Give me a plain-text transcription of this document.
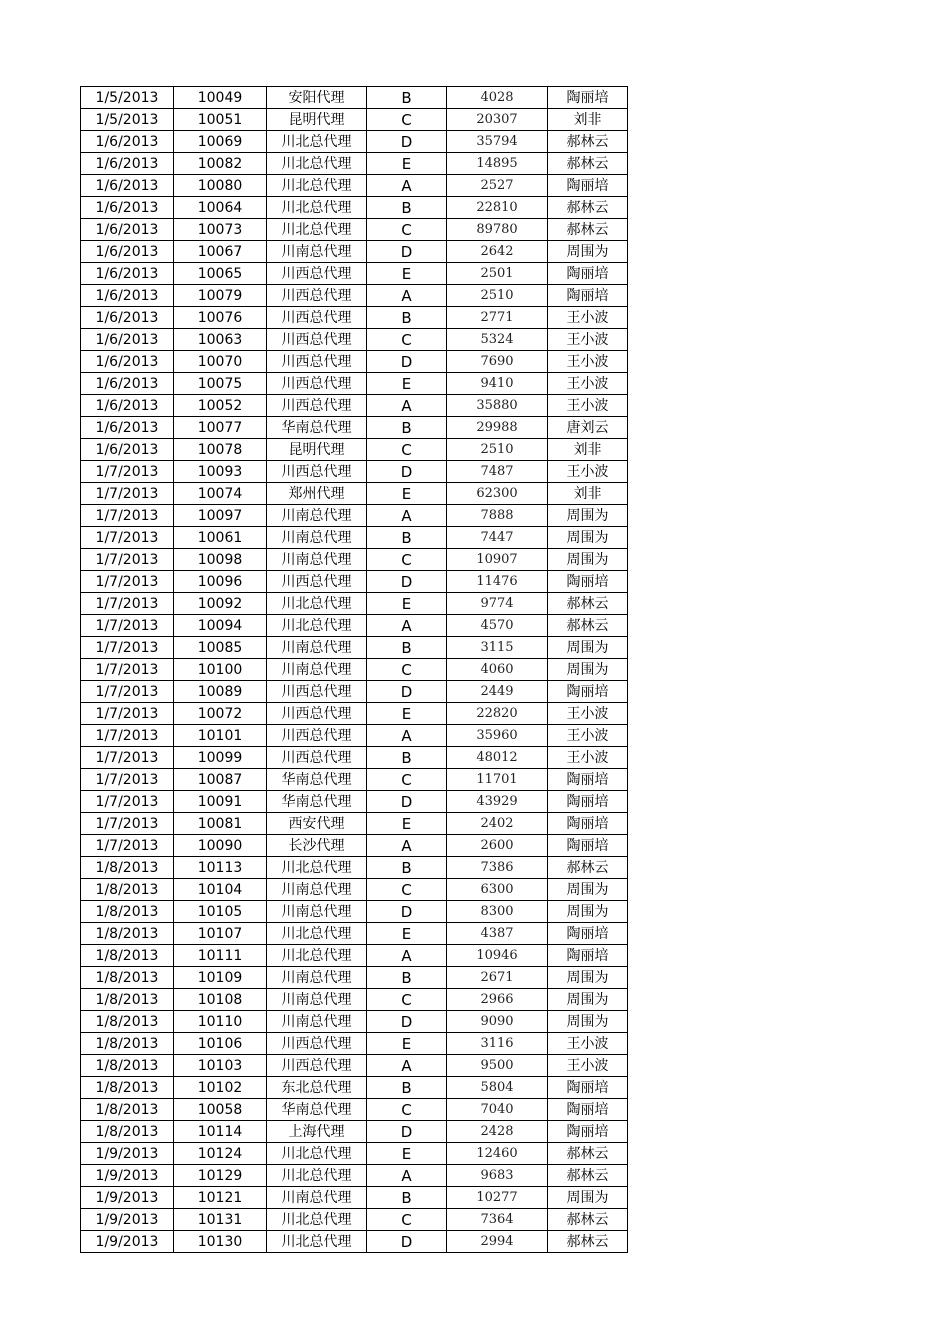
1/5/2013	10049	安阳代理	B	4028	陶丽培
1/5/2013	10051	昆明代理	C	20307	刘非
1/6/2013	10069	川北总代理	D	35794	郝林云
1/6/2013	10082	川北总代理	E	14895	郝林云
1/6/2013	10080	川北总代理	A	2527	陶丽培
1/6/2013	10064	川北总代理	B	22810	郝林云
1/6/2013	10073	川北总代理	C	89780	郝林云
1/6/2013	10067	川南总代理	D	2642	周围为
1/6/2013	10065	川西总代理	E	2501	陶丽培
1/6/2013	10079	川西总代理	A	2510	陶丽培
1/6/2013	10076	川西总代理	B	2771	王小波
1/6/2013	10063	川西总代理	C	5324	王小波
1/6/2013	10070	川西总代理	D	7690	王小波
1/6/2013	10075	川西总代理	E	9410	王小波
1/6/2013	10052	川西总代理	A	35880	王小波
1/6/2013	10077	华南总代理	B	29988	唐刘云
1/6/2013	10078	昆明代理	C	2510	刘非
1/7/2013	10093	川西总代理	D	7487	王小波
1/7/2013	10074	郑州代理	E	62300	刘非
1/7/2013	10097	川南总代理	A	7888	周围为
1/7/2013	10061	川南总代理	B	7447	周围为
1/7/2013	10098	川南总代理	C	10907	周围为
1/7/2013	10096	川西总代理	D	11476	陶丽培
1/7/2013	10092	川北总代理	E	9774	郝林云
1/7/2013	10094	川北总代理	A	4570	郝林云
1/7/2013	10085	川南总代理	B	3115	周围为
1/7/2013	10100	川南总代理	C	4060	周围为
1/7/2013	10089	川西总代理	D	2449	陶丽培
1/7/2013	10072	川西总代理	E	22820	王小波
1/7/2013	10101	川西总代理	A	35960	王小波
1/7/2013	10099	川西总代理	B	48012	王小波
1/7/2013	10087	华南总代理	C	11701	陶丽培
1/7/2013	10091	华南总代理	D	43929	陶丽培
1/7/2013	10081	西安代理	E	2402	陶丽培
1/7/2013	10090	长沙代理	A	2600	陶丽培
1/8/2013	10113	川北总代理	B	7386	郝林云
1/8/2013	10104	川南总代理	C	6300	周围为
1/8/2013	10105	川南总代理	D	8300	周围为
1/8/2013	10107	川北总代理	E	4387	陶丽培
1/8/2013	10111	川北总代理	A	10946	陶丽培
1/8/2013	10109	川南总代理	B	2671	周围为
1/8/2013	10108	川南总代理	C	2966	周围为
1/8/2013	10110	川南总代理	D	9090	周围为
1/8/2013	10106	川西总代理	E	3116	王小波
1/8/2013	10103	川西总代理	A	9500	王小波
1/8/2013	10102	东北总代理	B	5804	陶丽培
1/8/2013	10058	华南总代理	C	7040	陶丽培
1/8/2013	10114	上海代理	D	2428	陶丽培
1/9/2013	10124	川北总代理	E	12460	郝林云
1/9/2013	10129	川北总代理	A	9683	郝林云
1/9/2013	10121	川南总代理	B	10277	周围为
1/9/2013	10131	川北总代理	C	7364	郝林云
1/9/2013	10130	川北总代理	D	2994	郝林云
